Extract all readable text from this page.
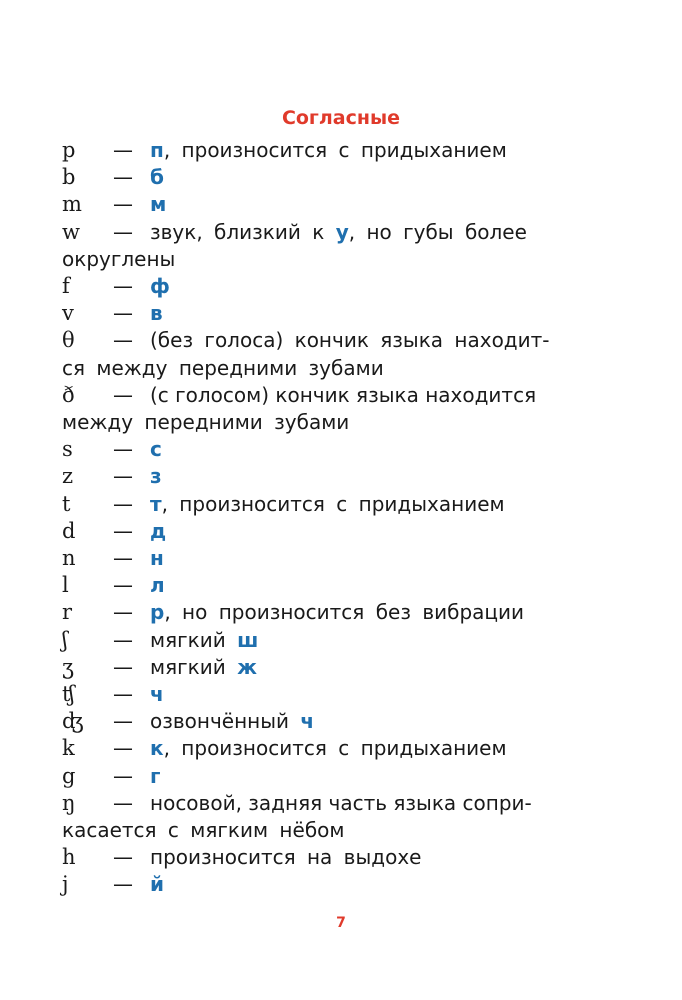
Согласные
p	— п, произносится с придыханием
b	— б
m	— м
w	— звук, близкий к у, но губы более
округлены
f	— ф
v	— в
θ	— (без голоса) кончик языка находит-
ся между передними зубами
ð	— (с голосом) кончик языка находится
между передними зубами
s	— с
z	— з
t	— т, произносится с придыханием
d	— д
n	— н
l	— л
r	— р, но произносится без вибрации
ʃ	— мягкий ш
ʒ	— мягкий ж
ʧ	— ч
ʤ	— озвончённый ч
k	— к, произносится с придыханием
g	— г
ŋ	— носовой, задняя часть языка сопри-
касается с мягким нёбом
h	— произносится на выдохе
j	— й
7
